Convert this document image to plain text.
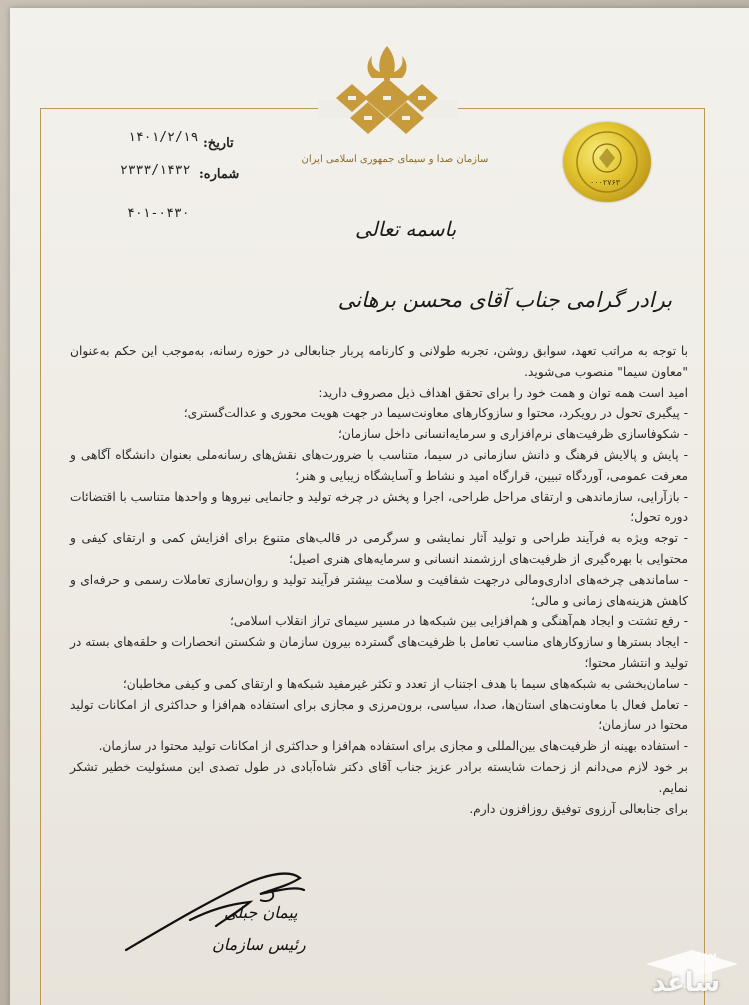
سازمان صدا و سیمای جمهوری اسلامی ایران
۰۰۰۲۷۶۳
تاریخ:
۱۴۰۱/۲/۱۹
شماره:
۲۳۳۳/۱۴۳۲
۴۰۱-۰۴۳۰
باسمه تعالی
برادر گرامی جناب آقای محسن برهانی

با توجه به مراتب تعهد، سوابق روشن، تجربه طولانی و کارنامه پربار جنابعالی در حوزه رسانه، به‌موجب این حکم به‌عنوان "معاون سیما" منصوب می‌شوید.

امید است همه توان و همت خود را برای تحقق اهداف ذیل مصروف دارید:

- پیگیری تحول در رویکرد، محتوا و سازوکارهای معاونت‌سیما در جهت هویت محوری و عدالت‌گستری؛

- شکوفاسازی ظرفیت‌های نرم‌افزاری و سرمایه‌انسانی داخل سازمان؛

- پایش و پالایش فرهنگ و دانش سازمانی در سیما، متناسب با ضرورت‌های نقش‌های رسانه‌ملی بعنوان دانشگاه آگاهی و معرفت عمومی، آوردگاه تبیین، قرارگاه امید و نشاط و آسایشگاه زیبایی و هنر؛

- بازآرایی، سازماندهی و ارتقای مراحل طراحی، اجرا و پخش در چرخه تولید و جانمایی نیروها و واحدها متناسب با اقتضائات دوره تحول؛

- توجه ویژه به فرآیند طراحی و تولید آثار نمایشی و سرگرمی در قالب‌های متنوع برای افزایش کمی و ارتقای کیفی و محتوایی با بهره‌گیری از ظرفیت‌های ارزشمند انسانی و سرمایه‌های هنری اصیل؛

- ساماندهی چرخه‌های اداری‌ومالی درجهت شفافیت و سلامت بیشتر فرآیند تولید و روان‌سازی تعاملات رسمی و حرفه‌ای و کاهش هزینه‌های زمانی و مالی؛

- رفع تشتت و ایجاد هم‌آهنگی و هم‌افزایی بین شبکه‌ها در مسیر سیمای تراز انقلاب اسلامی؛

- ایجاد بسترها و سازوکارهای مناسب تعامل با ظرفیت‌های گسترده بیرون سازمان و شکستن انحصارات و حلقه‌های بسته در تولید و انتشار محتوا؛

- سامان‌بخشی به شبکه‌های سیما با هدف اجتناب از تعدد و تکثر غیرمفید شبکه‌ها و ارتقای کمی و کیفی مخاطبان؛

- تعامل فعال با معاونت‌های استان‌ها، صدا، سیاسی، برون‌مرزی و مجازی برای استفاده هم‌افزا و حداکثری از امکانات تولید محتوا در سازمان؛

- استفاده بهینه از ظرفیت‌های بین‌المللی و مجازی برای استفاده هم‌افزا و حداکثری از امکانات تولید محتوا در سازمان.

بر خود لازم می‌دانم از زحمات شایسته برادر عزیز جناب آقای دکتر شاه‌آبادی در طول تصدی این مسئولیت خطیر تشکر نمایم.

برای جنابعالی آرزوی توفیق روزافزون دارم.

پیمان جبلی
رئیس سازمان	نیوز
ساعد
